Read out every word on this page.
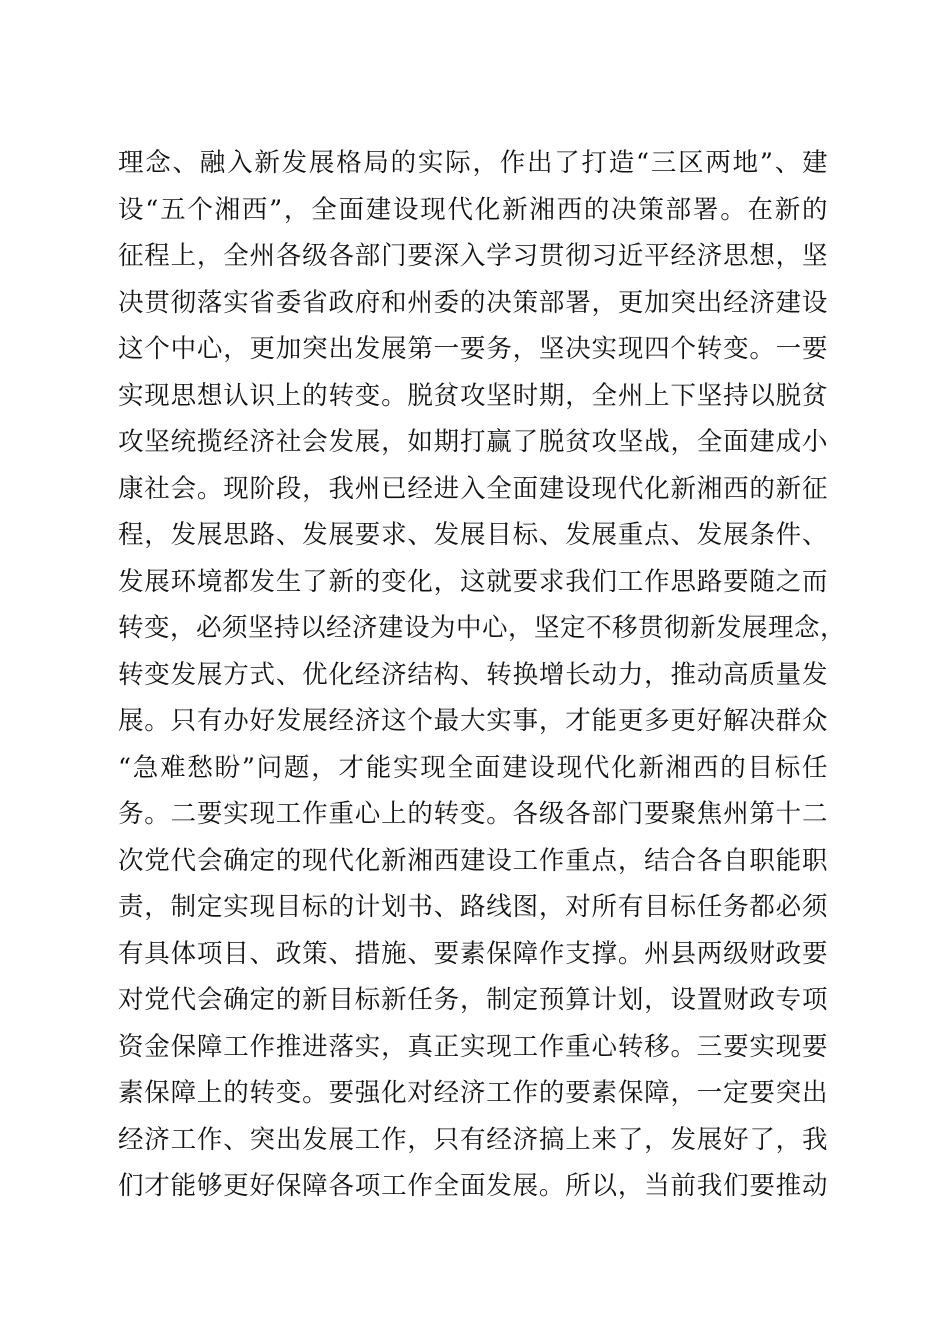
理念、融入新发展格局的实际，作出了打造“三区两地”、建
设“五个湘西”，全面建设现代化新湘西的决策部署。在新的
征程上，全州各级各部门要深入学习贯彻习近平经济思想，坚
决贯彻落实省委省政府和州委的决策部署，更加突出经济建设
这个中心，更加突出发展第一要务，坚决实现四个转变。一要
实现思想认识上的转变。脱贫攻坚时期，全州上下坚持以脱贫
攻坚统揽经济社会发展，如期打赢了脱贫攻坚战，全面建成小
康社会。现阶段，我州已经进入全面建设现代化新湘西的新征
程，发展思路、发展要求、发展目标、发展重点、发展条件、
发展环境都发生了新的变化，这就要求我们工作思路要随之而
转变，必须坚持以经济建设为中心，坚定不移贯彻新发展理念，
转变发展方式、优化经济结构、转换增长动力，推动高质量发
展。只有办好发展经济这个最大实事，才能更多更好解决群众
“急难愁盼”问题，才能实现全面建设现代化新湘西的目标任
务。二要实现工作重心上的转变。各级各部门要聚焦州第十二
次党代会确定的现代化新湘西建设工作重点，结合各自职能职
责，制定实现目标的计划书、路线图，对所有目标任务都必须
有具体项目、政策、措施、要素保障作支撑。州县两级财政要
对党代会确定的新目标新任务，制定预算计划，设置财政专项
资金保障工作推进落实，真正实现工作重心转移。三要实现要
素保障上的转变。要强化对经济工作的要素保障，一定要突出
经济工作、突出发展工作，只有经济搞上来了，发展好了，我
们才能够更好保障各项工作全面发展。所以，当前我们要推动
